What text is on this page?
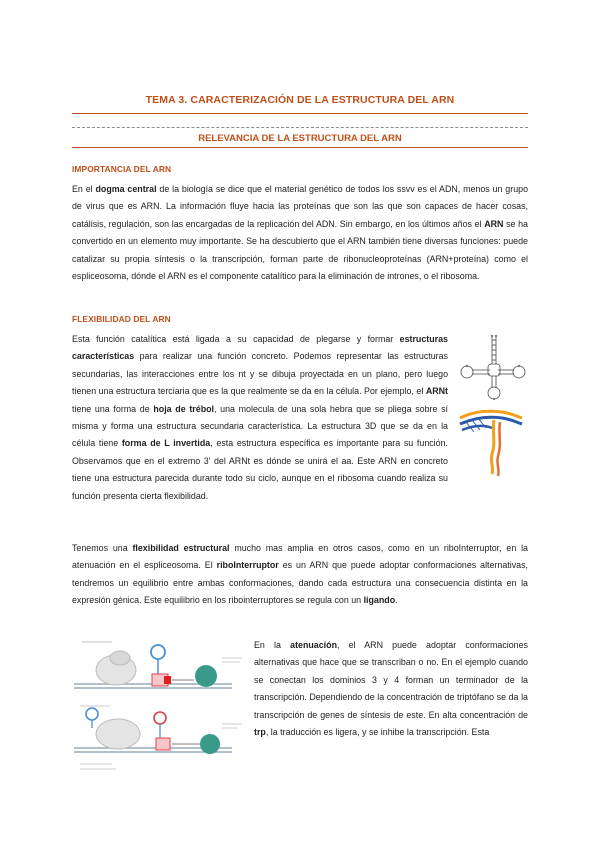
TEMA 3. CARACTERIZACIÓN DE LA ESTRUCTURA DEL ARN
RELEVANCIA DE LA ESTRUCTURA DEL ARN
IMPORTANCIA DEL ARN
En el dogma central de la biología se dice que el material genético de todos los ssvv es el ADN, menos un grupo de virus que es ARN. La información fluye hacia las proteínas que son las que son capaces de hacer cosas, catálisis, regulación, son las encargadas de la replicación del ADN. Sin embargo, en los últimos años el ARN se ha convertido en un elemento muy importante. Se ha descubierto que el ARN también tiene diversas funciones: puede catalizar su propia síntesis o la transcripción, forman parte de ribonucleoproteínas (ARN+proteína) como el espliceosoma, dónde el ARN es el componente catalítico para la eliminación de intrones, o el ribosoma.
FLEXIBILIDAD DEL ARN
Esta función catalítica está ligada a su capacidad de plegarse y formar estructuras características para realizar una función concreto. Podemos representar las estructuras secundarias, las interacciones entre los nt y se dibuja proyectada en un plano, pero luego tienen una estructura terciaria que es la que realmente se da en la célula. Por ejemplo, el ARNt tiene una forma de hoja de trébol, una molecula de una sola hebra que se pliega sobre sí misma y forma una estructura secundaria característica. La estructura 3D que se da en la célula tiene forma de L invertida, esta estructura específica es importante para su función. Observamos que en el extremo 3' del ARNt es dónde se unirá el aa. Este ARN en concreto tiene una estructura parecida durante todo su ciclo, aunque en el ribosoma cuando realiza su función presenta cierta flexibilidad.
Tenemos una flexibilidad estructural mucho mas amplia en otros casos, como en un riboInterruptor, en la atenuación en el espliceosoma. El riboInterruptor es un ARN que puede adoptar conformaciones alternativas, tendremos un equilibrio entre ambas conformaciones, dando cada estructura una consecuencia distinta en la expresión génica. Este equilibrio en los ribointerruptores se regula con un ligando.
En la atenuación, el ARN puede adoptar conformaciones alternativas que hace que se transcriban o no. En el ejemplo cuando se conectan los dominios 3 y 4 forman un terminador de la transcripción. Dependiendo de la concentración de triptófano se da la transcripción de genes de síntesis de este. En alta concentración de trp, la traducción es ligera, y se inhibe la transcripción. Esta
